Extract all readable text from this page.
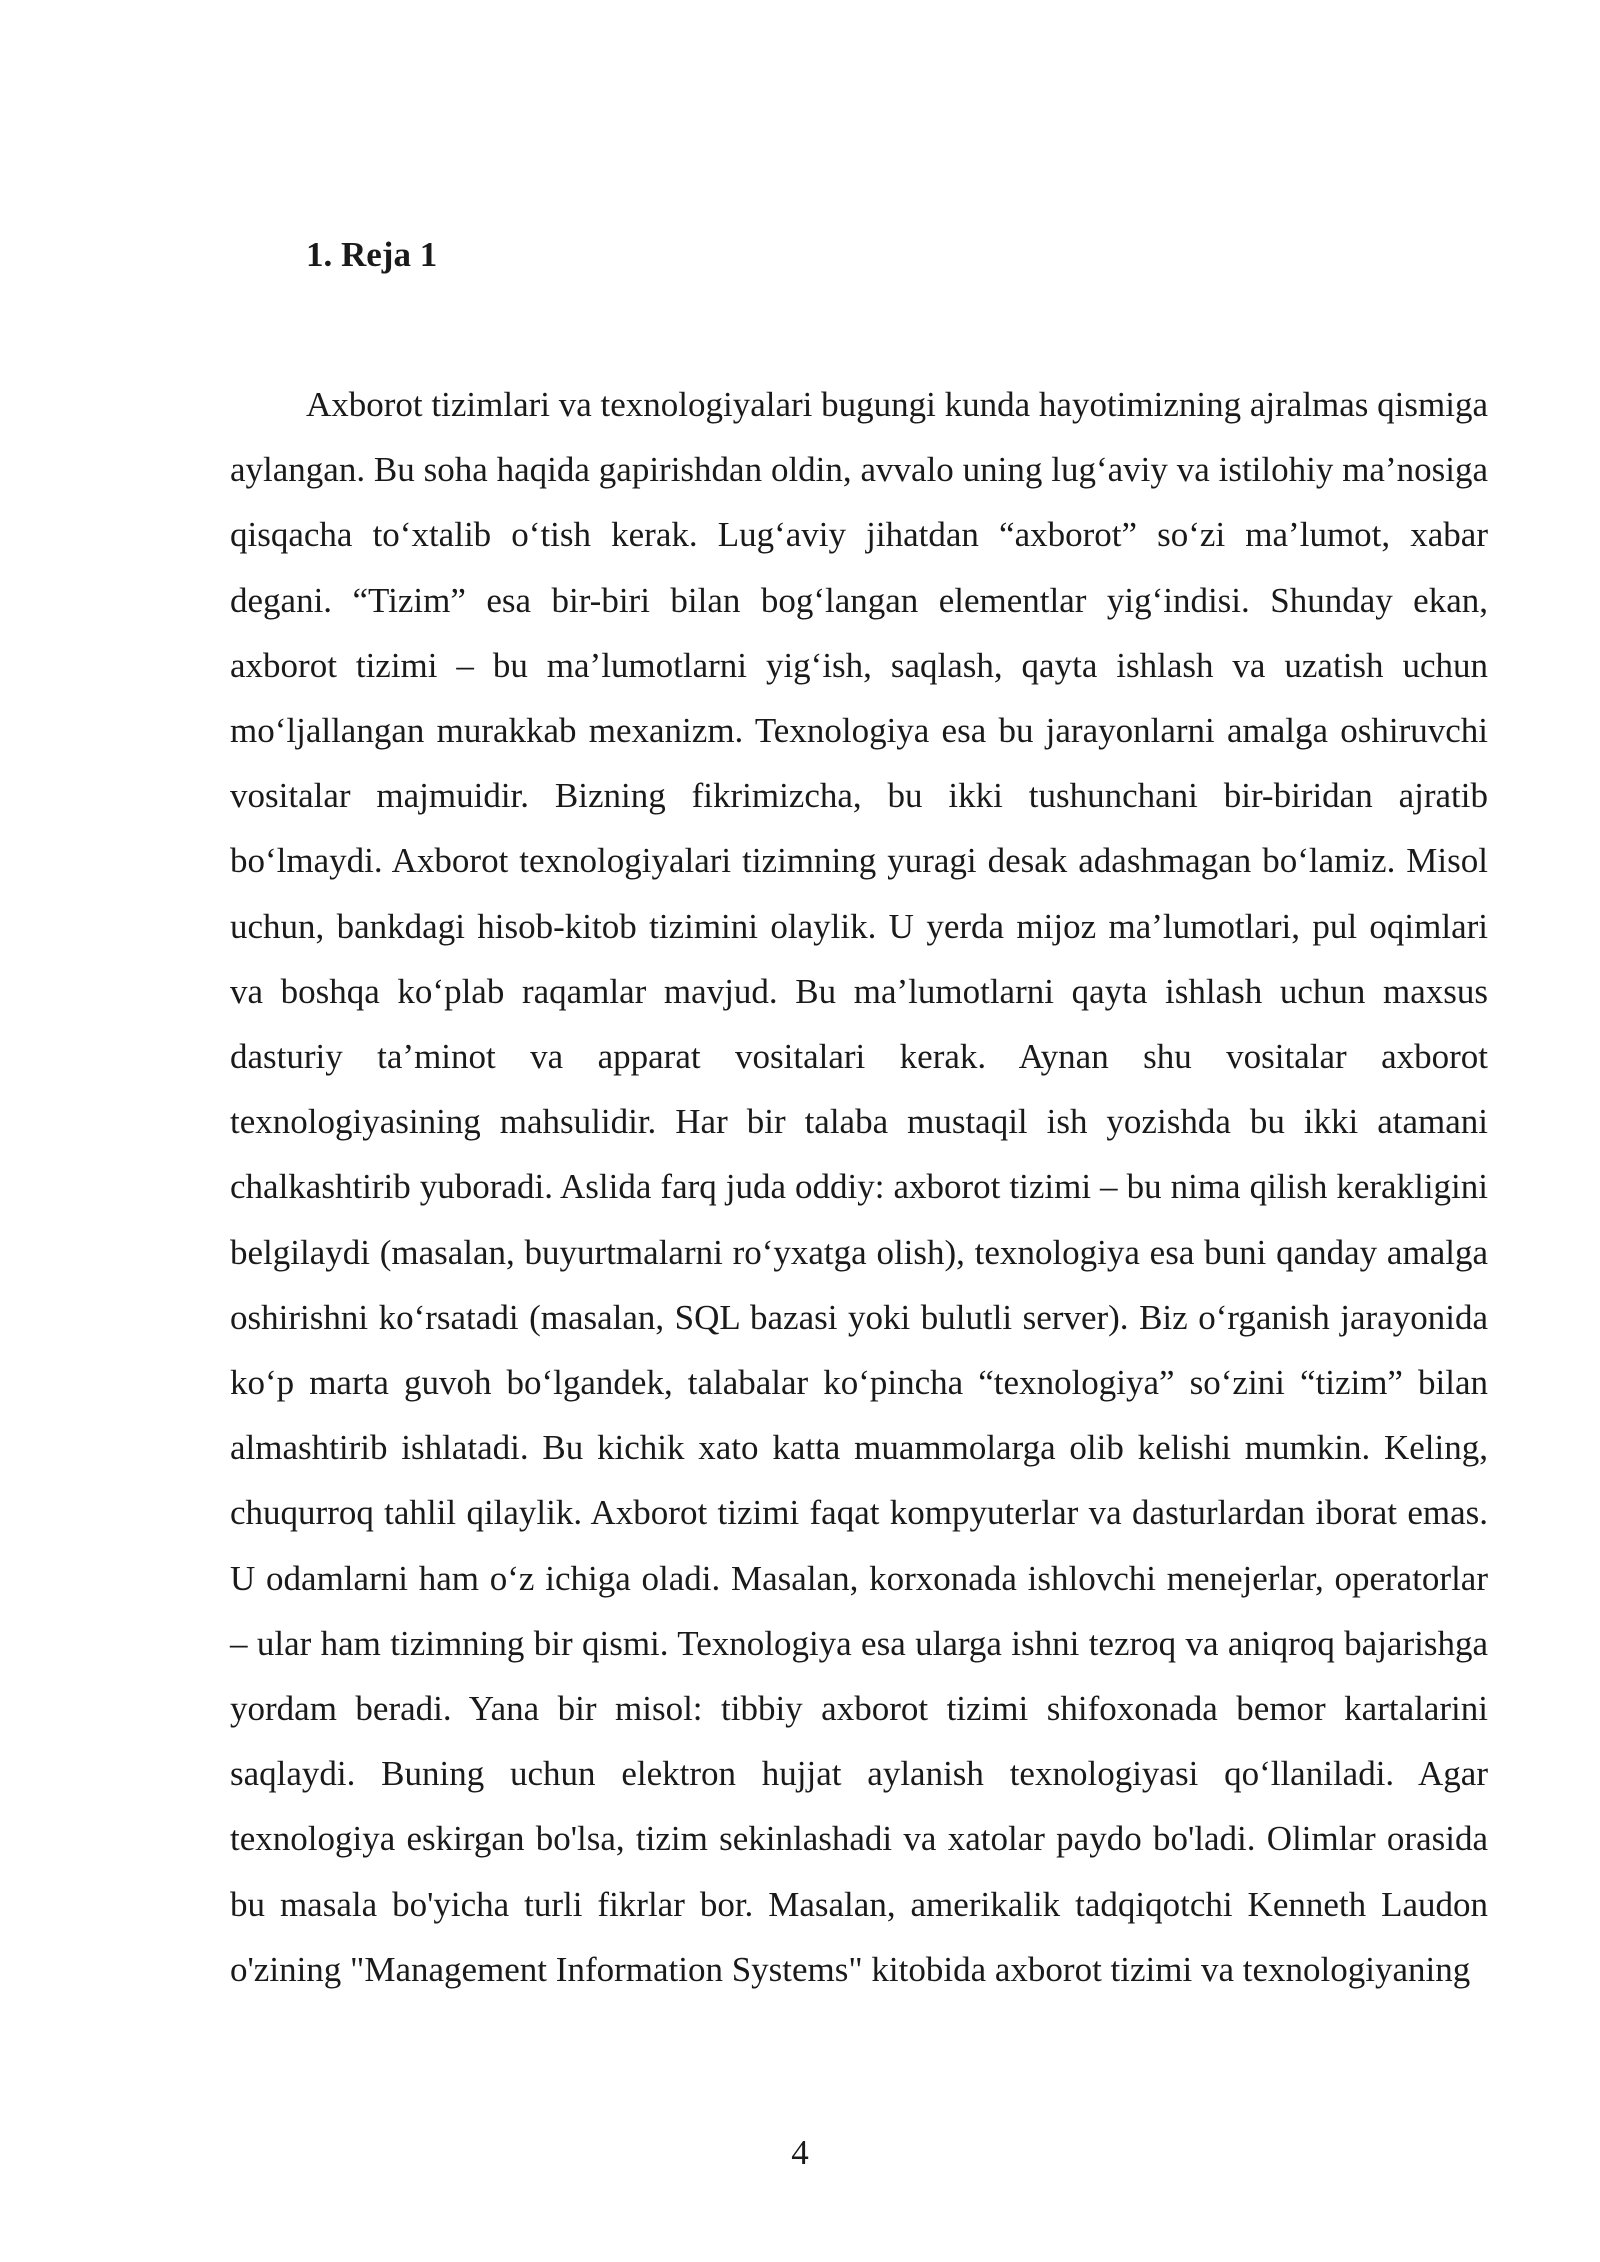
1. Reja 1

Axborot tizimlari va texnologiyalari bugungi kunda hayotimizning ajralmas qismiga aylangan. Bu soha haqida gapirishdan oldin, avvalo uning lug‘aviy va istilohiy ma’nosiga qisqacha to‘xtalib o‘tish kerak. Lug‘aviy jihatdan “axborot” so‘zi ma’lumot, xabar degani. “Tizim” esa bir-biri bilan bog‘langan elementlar yig‘indisi. Shunday ekan, axborot tizimi – bu ma’lumotlarni yig‘ish, saqlash, qayta ishlash va uzatish uchun mo‘ljallangan murakkab mexanizm. Texnologiya esa bu jarayonlarni amalga oshiruvchi vositalar majmuidir. Bizning fikrimizcha, bu ikki tushunchani bir-biridan ajratib bo‘lmaydi. Axborot texnologiyalari tizimning yuragi desak adashmagan bo‘lamiz. Misol uchun, bankdagi hisob-kitob tizimini olaylik. U yerda mijoz ma’lumotlari, pul oqimlari va boshqa ko‘plab raqamlar mavjud. Bu ma’lumotlarni qayta ishlash uchun maxsus dasturiy ta’minot va apparat vositalari kerak. Aynan shu vositalar axborot texnologiyasining mahsulidir. Har bir talaba mustaqil ish yozishda bu ikki atamani chalkashtirib yuboradi. Aslida farq juda oddiy: axborot tizimi – bu nima qilish kerakligini belgilaydi (masalan, buyurtmalarni ro‘yxatga olish), texnologiya esa buni qanday amalga oshirishni ko‘rsatadi (masalan, SQL bazasi yoki bulutli server). Biz o‘rganish jarayonida ko‘p marta guvoh bo‘lgandek, talabalar ko‘pincha “texnologiya” so‘zini “tizim” bilan almashtirib ishlatadi. Bu kichik xato katta muammolarga olib kelishi mumkin. Keling, chuqurroq tahlil qilaylik. Axborot tizimi faqat kompyuterlar va dasturlardan iborat emas. U odamlarni ham o‘z ichiga oladi. Masalan, korxonada ishlovchi menejerlar, operatorlar – ular ham tizimning bir qismi. Texnologiya esa ularga ishni tezroq va aniqroq bajarishga yordam beradi. Yana bir misol: tibbiy axborot tizimi shifoxonada bemor kartalarini saqlaydi. Buning uchun elektron hujjat aylanish texnologiyasi qo‘llaniladi. Agar texnologiya eskirgan bo'lsa, tizim sekinlashadi va xatolar paydo bo'ladi. Olimlar orasida bu masala bo'yicha turli fikrlar bor. Masalan, amerikalik tadqiqotchi Kenneth Laudon o'zining "Management Information Systems" kitobida axborot tizimi va texnologiyaning

4
